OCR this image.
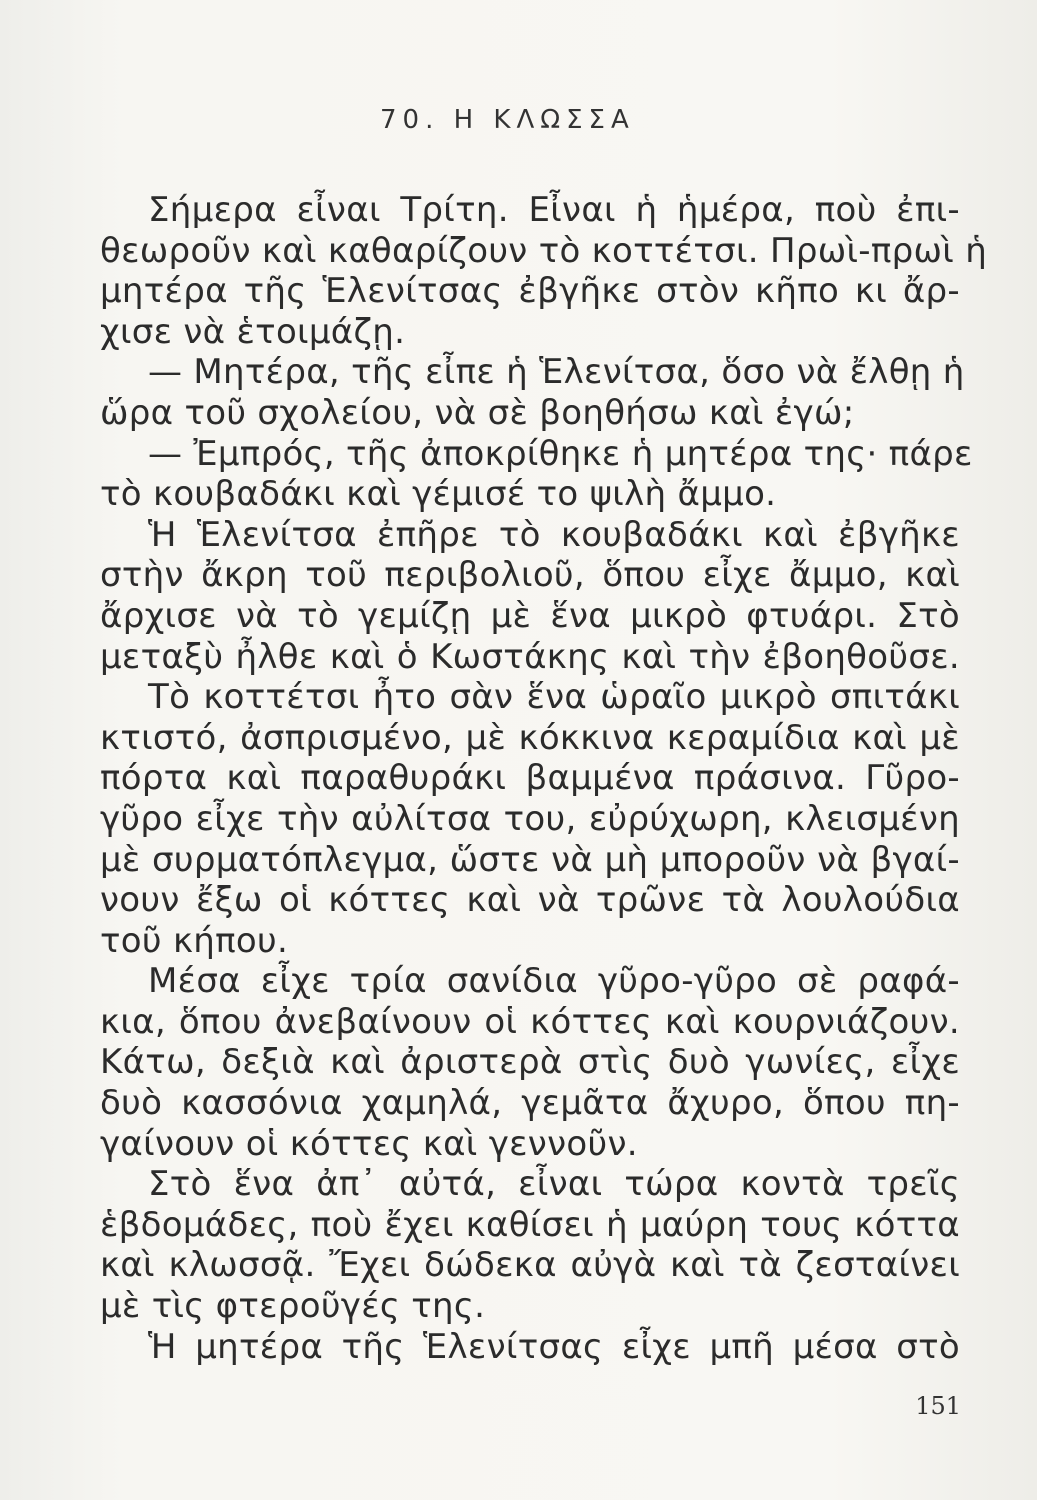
70. Η ΚΛΩΣΣΑ
Σήμερα εἶναι Τρίτη. Εἶναι ἡ ἡμέρα, ποὺ ἐπι-
θεωροῦν καὶ καθαρίζουν τὸ κοττέτσι. Πρωὶ-πρωὶ ἡ
μητέρα τῆς Ἑλενίτσας ἐβγῆκε στὸν κῆπο κι ἄρ-
χισε νὰ ἑτοιμάζῃ.
— Μητέρα, τῆς εἶπε ἡ Ἑλενίτσα, ὅσο νὰ ἔλθῃ ἡ
ὥρα τοῦ σχολείου, νὰ σὲ βοηθήσω καὶ ἐγώ;
— Ἐμπρός, τῆς ἀποκρίθηκε ἡ μητέρα της· πάρε
τὸ κουβαδάκι καὶ γέμισέ το ψιλὴ ἄμμο.
Ἡ Ἑλενίτσα ἐπῆρε τὸ κουβαδάκι καὶ ἐβγῆκε
στὴν ἄκρη τοῦ περιβολιοῦ, ὅπου εἶχε ἄμμο, καὶ
ἄρχισε νὰ τὸ γεμίζῃ μὲ ἕνα μικρὸ φτυάρι. Στὸ
μεταξὺ ἦλθε καὶ ὁ Κωστάκης καὶ τὴν ἐβοηθοῦσε.
Τὸ κοττέτσι ἦτο σὰν ἕνα ὡραῖο μικρὸ σπιτάκι
κτιστό, ἀσπρισμένο, μὲ κόκκινα κεραμίδια καὶ μὲ
πόρτα καὶ παραθυράκι βαμμένα πράσινα. Γῦρο-
γῦρο εἶχε τὴν αὐλίτσα του, εὐρύχωρη, κλεισμένη
μὲ συρματόπλεγμα, ὥστε νὰ μὴ μποροῦν νὰ βγαί-
νουν ἔξω οἱ κόττες καὶ νὰ τρῶνε τὰ λουλούδια
τοῦ κήπου.
Μέσα εἶχε τρία σανίδια γῦρο-γῦρο σὲ ραφά-
κια, ὅπου ἀνεβαίνουν οἱ κόττες καὶ κουρνιάζουν.
Κάτω, δεξιὰ καὶ ἀριστερὰ στὶς δυὸ γωνίες, εἶχε
δυὸ κασσόνια χαμηλά, γεμᾶτα ἄχυρο, ὅπου πη-
γαίνουν οἱ κόττες καὶ γεννοῦν.
Στὸ ἕνα ἀπ᾿ αὐτά, εἶναι τώρα κοντὰ τρεῖς
ἑβδομάδες, ποὺ ἔχει καθίσει ἡ μαύρη τους κόττα
καὶ κλωσσᾷ. Ἔχει δώδεκα αὐγὰ καὶ τὰ ζεσταίνει
μὲ τὶς φτεροῦγές της.
Ἡ μητέρα τῆς Ἑλενίτσας εἶχε μπῆ μέσα στὸ
151
